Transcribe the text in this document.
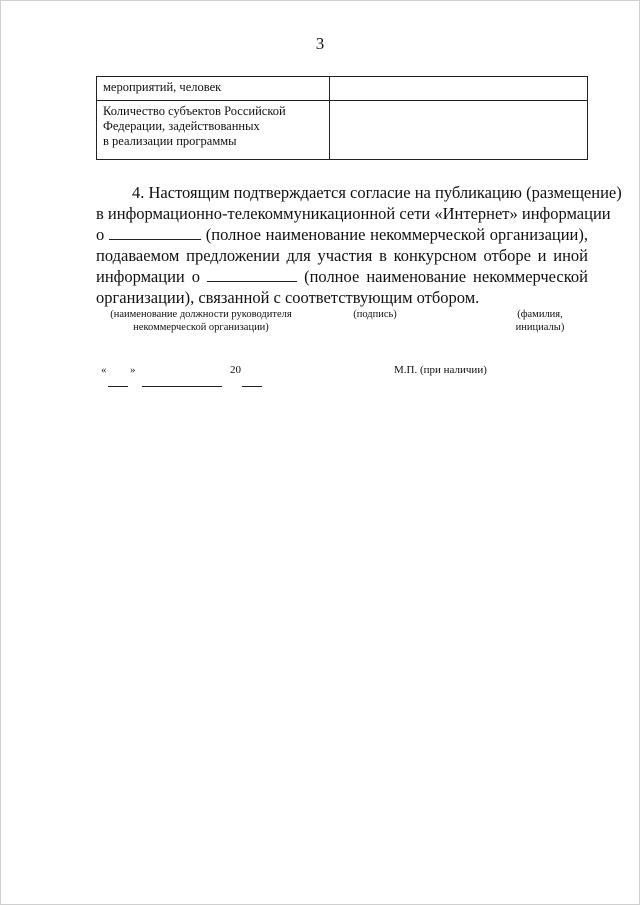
3
мероприятий, человек	

Количество субъектов Российской
Федерации, задействованных
в реализации программы	

4. Настоящим подтверждается согласие на публикацию (размещение)
в информационно-телекоммуникационной сети «Интернет» информации
о	(полное наименование некоммерческой организации),
подаваемом предложении для участия в конкурсном отборе и иной
информации о	(полное наименование некоммерческой
организации), связанной с соответствующим отбором.
(наименование должности руководителя
некоммерческой организации)
(подпись)	(фамилия,
инициалы)
« »	20	М.П. (при наличии)
